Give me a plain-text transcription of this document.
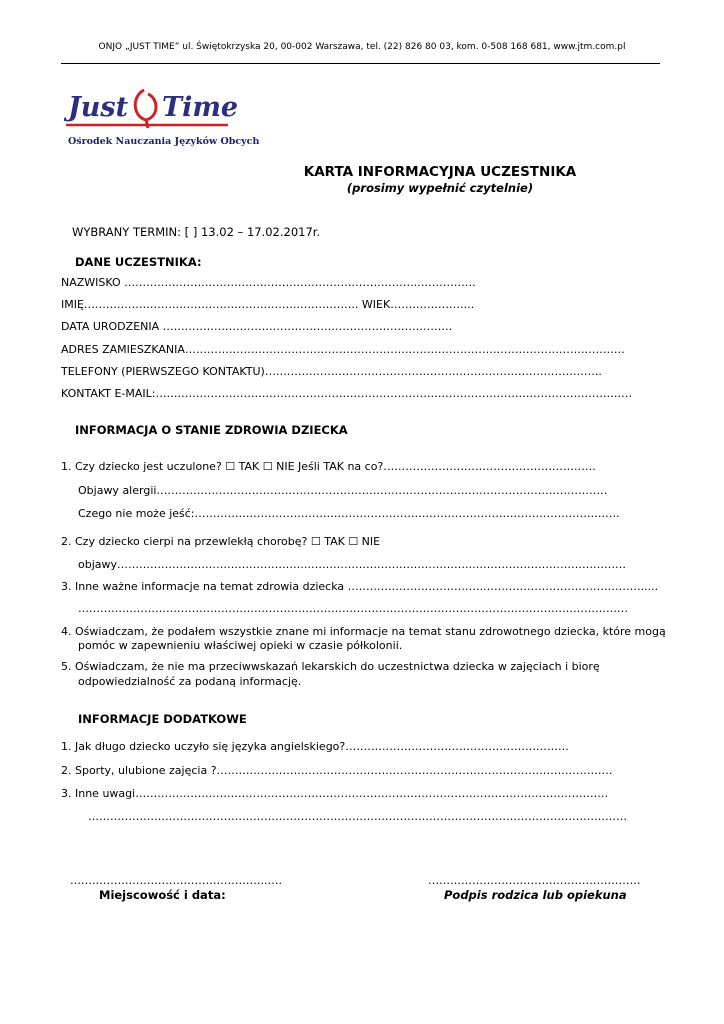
ONJO „JUST TIME” ul. Świętokrzyska 20, 00-002 Warszawa, tel. (22) 826 80 03, kom. 0-508 168 681, www.jtm.com.pl
Just Time
Ośrodek Nauczania Języków Obcych
KARTA INFORMACYJNA UCZESTNIKA
(prosimy wypełnić czytelnie)
WYBRANY TERMIN: [ ] 13.02 – 17.02.2017r.
DANE UCZESTNIKA:
NAZWISKO ……………………………………………………………………..…………….
IMIĘ………………………………………………….…………….. WIEK…………………..
DATA URODZENIA …………………………………………………………………….
ADRES ZAMIESZKANIA…………………………………………………………………………………………………………
TELEFONY (PIERWSZEGO KONTAKTU)………………………………………………………………………………..
KONTAKT E-MAIL:………………………………………………………………………………………………………………….
INFORMACJA O STANIE ZDROWIA DZIECKA
1. Czy dziecko jest uczulone? ☐ TAK ☐ NIE Jeśli TAK na co?………………………………………………….
Objawy alergii……………………………………………………………………………………………………………
Czego nie może jeść:……………………………………………………………………………………………………..
2. Czy dziecko cierpi na przewlekłą chorobę? ☐ TAK ☐ NIE
objawy……………………………………………..……………………………………..……………………………………
3. Inne ważne informacje na temat zdrowia dziecka ………………………………..…………………………………….....
……………………………………………………………………………………………………………………………………
4. Oświadczam, że podałem wszystkie znane mi informacje na temat stanu zdrowotnego dziecka, które mogą
pomóc w zapewnieniu właściwej opieki w czasie półkolonii.
5. Oświadczam, że nie ma przeciwwskazań lekarskich do uczestnictwa dziecka w zajęciach i biorę
odpowiedzialność za podaną informację.
INFORMACJE DODATKOWE
1. Jak długo dziecko uczyło się języka angielskiego?…………………………………………………….
2. Sporty, ulubione zajęcia ?………………………………………………………………………………………………
3. Inne uwagi…………………………………………………………………………………………………………………
…………………………………………………………………………………………………………………………………
…….………………………………………..….	…………………….……………………………
Miejscowość i data:	Podpis rodzica lub opiekuna
